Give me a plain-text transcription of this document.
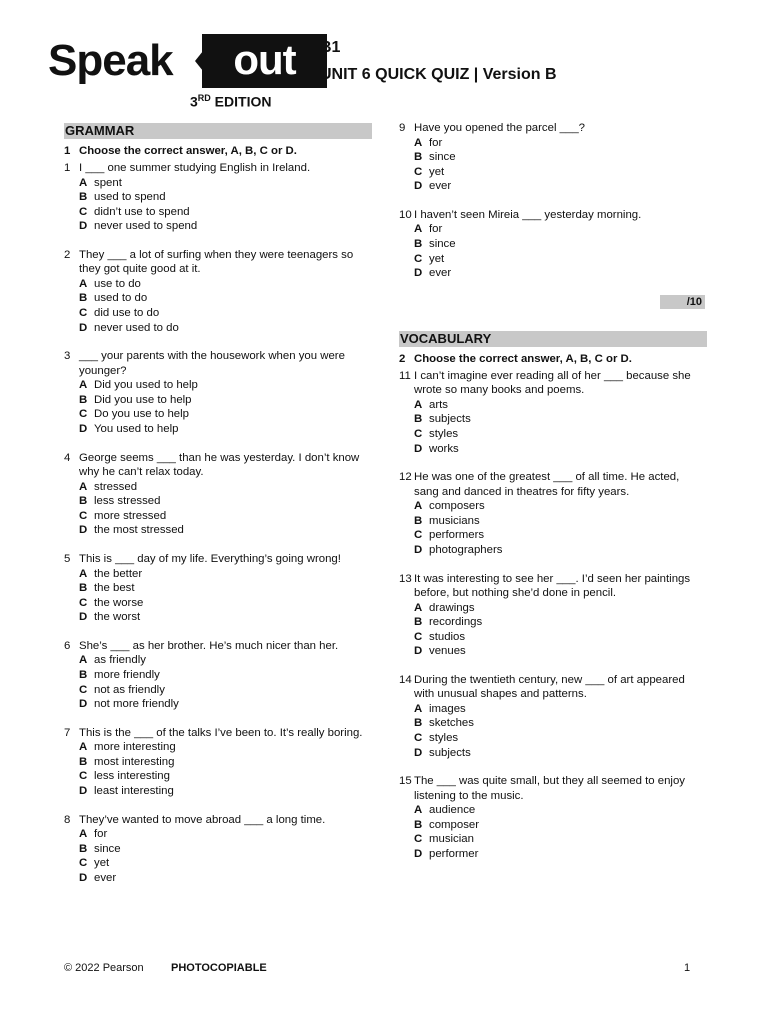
Speak	out
3RD EDITION
B1
UNIT 6 QUICK QUIZ | Version B
GRAMMAR
1 Choose the correct answer, A, B, C or D.
1 I ___ one summer studying English in Ireland.
A spent
B used to spend
C didn’t use to spend
D never used to spend
2 They ___ a lot of surfing when they were teenagers so they got quite good at it.
A use to do
B used to do
C did use to do
D never used to do
3 ___ your parents with the housework when you were younger?
A Did you used to help
B Did you use to help
C Do you use to help
D You used to help
4 George seems ___ than he was yesterday. I don’t know why he can’t relax today.
A stressed
B less stressed
C more stressed
D the most stressed
5 This is ___ day of my life. Everything’s going wrong!
A the better
B the best
C the worse
D the worst
6 She’s ___ as her brother. He’s much nicer than her.
A as friendly
B more friendly
C not as friendly
D not more friendly
7 This is the ___ of the talks I’ve been to. It’s really boring.
A more interesting
B most interesting
C less interesting
D least interesting
8 They’ve wanted to move abroad ___ a long time.
A for
B since
C yet
D ever
9 Have you opened the parcel ___?
A for
B since
C yet
D ever
10 I haven’t seen Mireia ___ yesterday morning.
A for
B since
C yet
D ever
/10
VOCABULARY
2 Choose the correct answer, A, B, C or D.
11 I can’t imagine ever reading all of her ___ because she wrote so many books and poems.
A arts
B subjects
C styles
D works
12 He was one of the greatest ___ of all time. He acted, sang and danced in theatres for fifty years.
A composers
B musicians
C performers
D photographers
13 It was interesting to see her ___. I’d seen her paintings before, but nothing she’d done in pencil.
A drawings
B recordings
C studios
D venues
14 During the twentieth century, new ___ of art appeared with unusual shapes and patterns.
A images
B sketches
C styles
D subjects
15 The ___ was quite small, but they all seemed to enjoy listening to the music.
A audience
B composer
C musician
D performer
© 2022 Pearson PHOTOCOPIABLE	1
